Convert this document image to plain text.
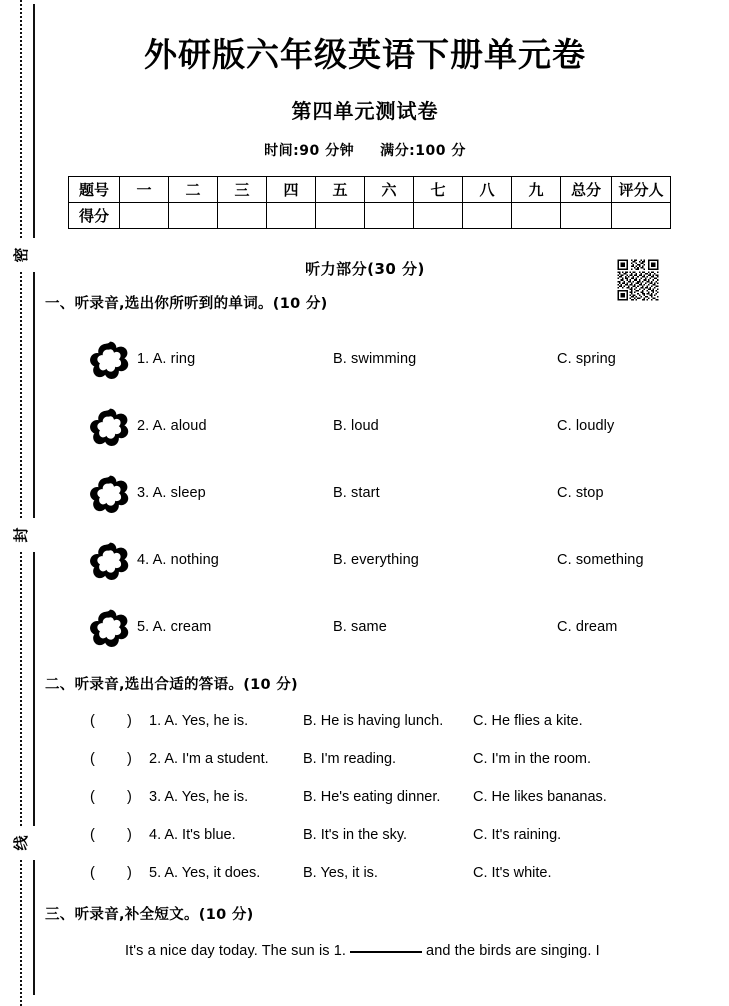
密
封
线
外研版六年级英语下册单元卷
第四单元测试卷
时间:90 分钟 满分:100 分
题号	一	二	三	四	五	六	七	八	九	总分	评分人
得分											
听力部分(30 分)
一、听录音,选出你所听到的单词。(10 分)
1. A. ring	B. swimming	C. spring
2. A. aloud	B. loud	C. loudly
3. A. sleep	B. start	C. stop
4. A. nothing	B. everything	C. something
5. A. cream	B. same	C. dream
二、听录音,选出合适的答语。(10 分)
(        ) 1. A. Yes, he is.	B. He is having lunch. C. He flies a kite.
(        ) 2. A. I'm a student. B. I'm reading.	C. I'm in the room.
(        ) 3. A. Yes, he is.	B. He's eating dinner. C. He likes bananas.
(        ) 4. A. It's blue.	B. It's in the sky.	C. It's raining.
(        ) 5. A. Yes, it does.	B. Yes, it is.	C. It's white.
三、听录音,补全短文。(10 分)
It's a nice day today. The sun is 1.	and the birds are singing. I
